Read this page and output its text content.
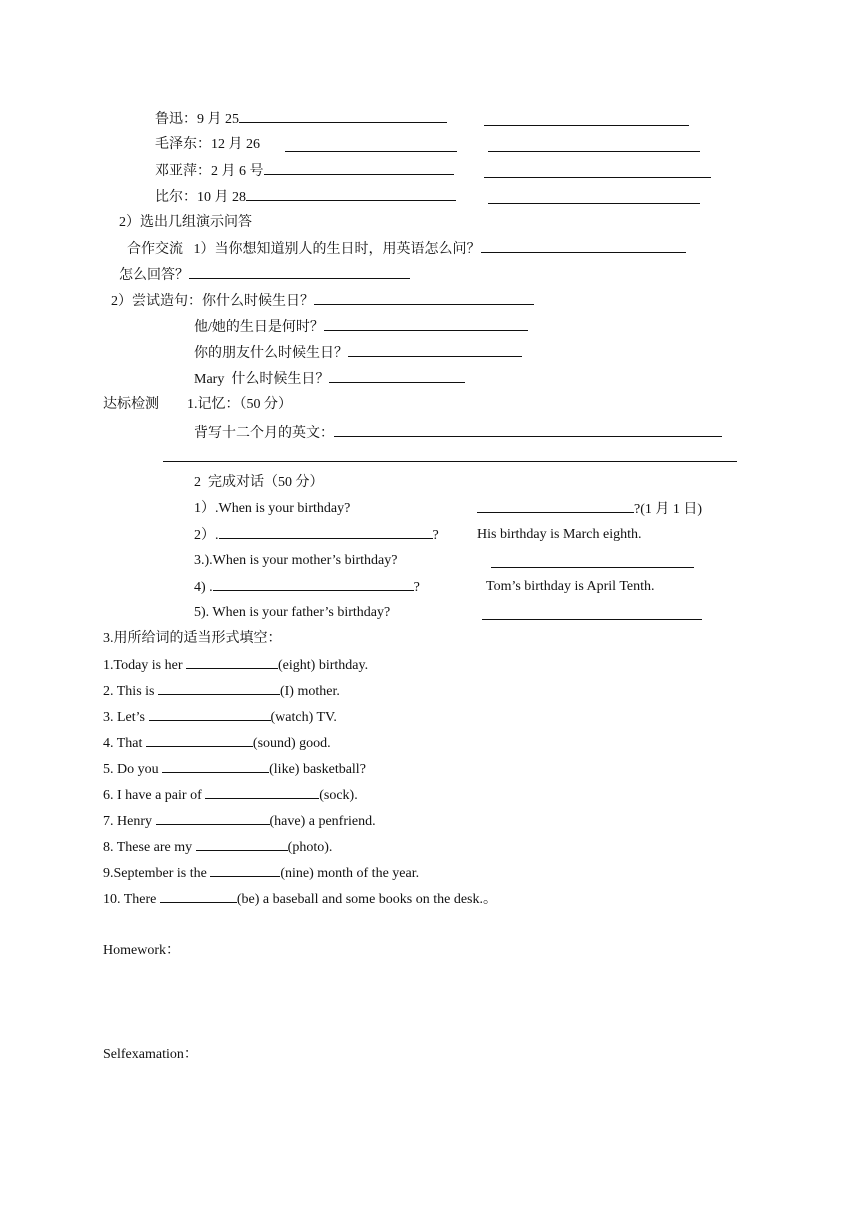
鲁迅：9 月 25
毛泽东：12 月 26
邓亚萍：2 月 6 号
比尔：10 月 28
2）选出几组演示问答
合作交流 1）当你想知道别人的生日时，用英语怎么问？
怎么回答？
2）尝试造句：你什么时候生日？
他/她的生日是何时？
你的朋友什么时候生日？
Mary  什么时候生日？
达标检测 1.记忆：（50 分）
背写十二个月的英文：
2  完成对话（50 分）
1）.When is your birthday?	?(1 月 1 日)
2）.	?	His birthday is March eighth.
3.).When is your mother’s birthday?
4) .	?	Tom’s birthday is April Tenth.
5). When is your father’s birthday?
3.用所给词的适当形式填空：
1.Today is her	(eight) birthday.
2. This is	(I) mother.
3. Let’s	(watch) TV.
4. That	(sound) good.
5. Do you	(like) basketball?
6. I have a pair of	(sock).
7. Henry	(have) a penfriend.
8. These are my	(photo).
9.September is the	(nine) month of the year.
10. There	(be) a baseball and some books on the desk.。
Homework：
Selfexamation：
